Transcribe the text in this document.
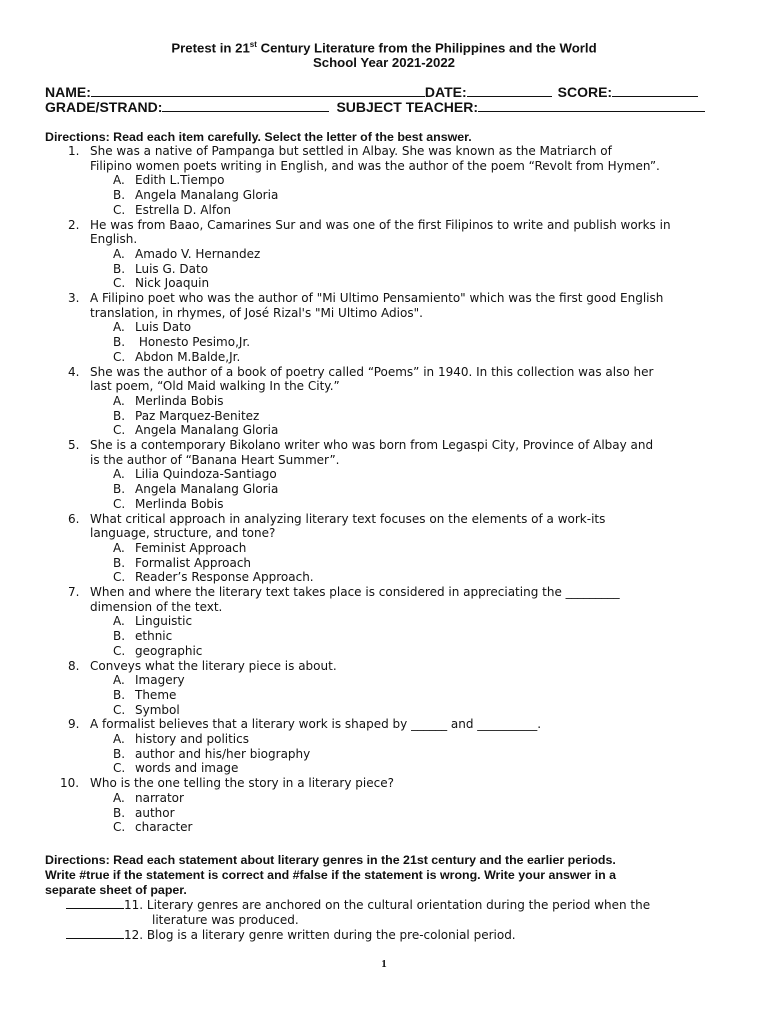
Pretest in 21st Century Literature from the Philippines and the World
School Year 2021-2022
NAME:	DATE:	SCORE:
GRADE/STRAND:	SUBJECT TEACHER:
Directions: Read each item carefully. Select the letter of the best answer.
1. She was a native of Pampanga but settled in Albay. She was known as the Matriarch of
Filipino women poets writing in English, and was the author of the poem “Revolt from Hymen”.
A. Edith L.Tiempo
B. Angela Manalang Gloria
C. Estrella D. Alfon
2. He was from Baao, Camarines Sur and was one of the first Filipinos to write and publish works in
English.
A. Amado V. Hernandez
B. Luis G. Dato
C. Nick Joaquin
3. A Filipino poet who was the author of "Mi Ultimo Pensamiento" which was the first good English
translation, in rhymes, of José Rizal's "Mi Ultimo Adios".
A. Luis Dato
B. Honesto Pesimo,Jr.
C. Abdon M.Balde,Jr.
4. She was the author of a book of poetry called “Poems” in 1940. In this collection was also her
last poem, “Old Maid walking In the City.”
A. Merlinda Bobis
B. Paz Marquez-Benitez
C. Angela Manalang Gloria
5. She is a contemporary Bikolano writer who was born from Legaspi City, Province of Albay and
is the author of “Banana Heart Summer”.
A. Lilia Quindoza-Santiago
B. Angela Manalang Gloria
C. Merlinda Bobis
6. What critical approach in analyzing literary text focuses on the elements of a work-its
language, structure, and tone?
A. Feminist Approach
B. Formalist Approach
C. Reader’s Response Approach.
7. When and where the literary text takes place is considered in appreciating the _________
dimension of the text.
A. Linguistic
B. ethnic
C. geographic
8. Conveys what the literary piece is about.
A. Imagery
B. Theme
C. Symbol
9. A formalist believes that a literary work is shaped by ______ and __________.
A. history and politics
B. author and his/her biography
C. words and image
10. Who is the one telling the story in a literary piece?
A. narrator
B. author
C. character
Directions: Read each statement about literary genres in the 21st century and the earlier periods.
Write #true if the statement is correct and #false if the statement is wrong. Write your answer in a
separate sheet of paper.
11. Literary genres are anchored on the cultural orientation during the period when the
literature was produced.
12. Blog is a literary genre written during the pre-colonial period.
1
